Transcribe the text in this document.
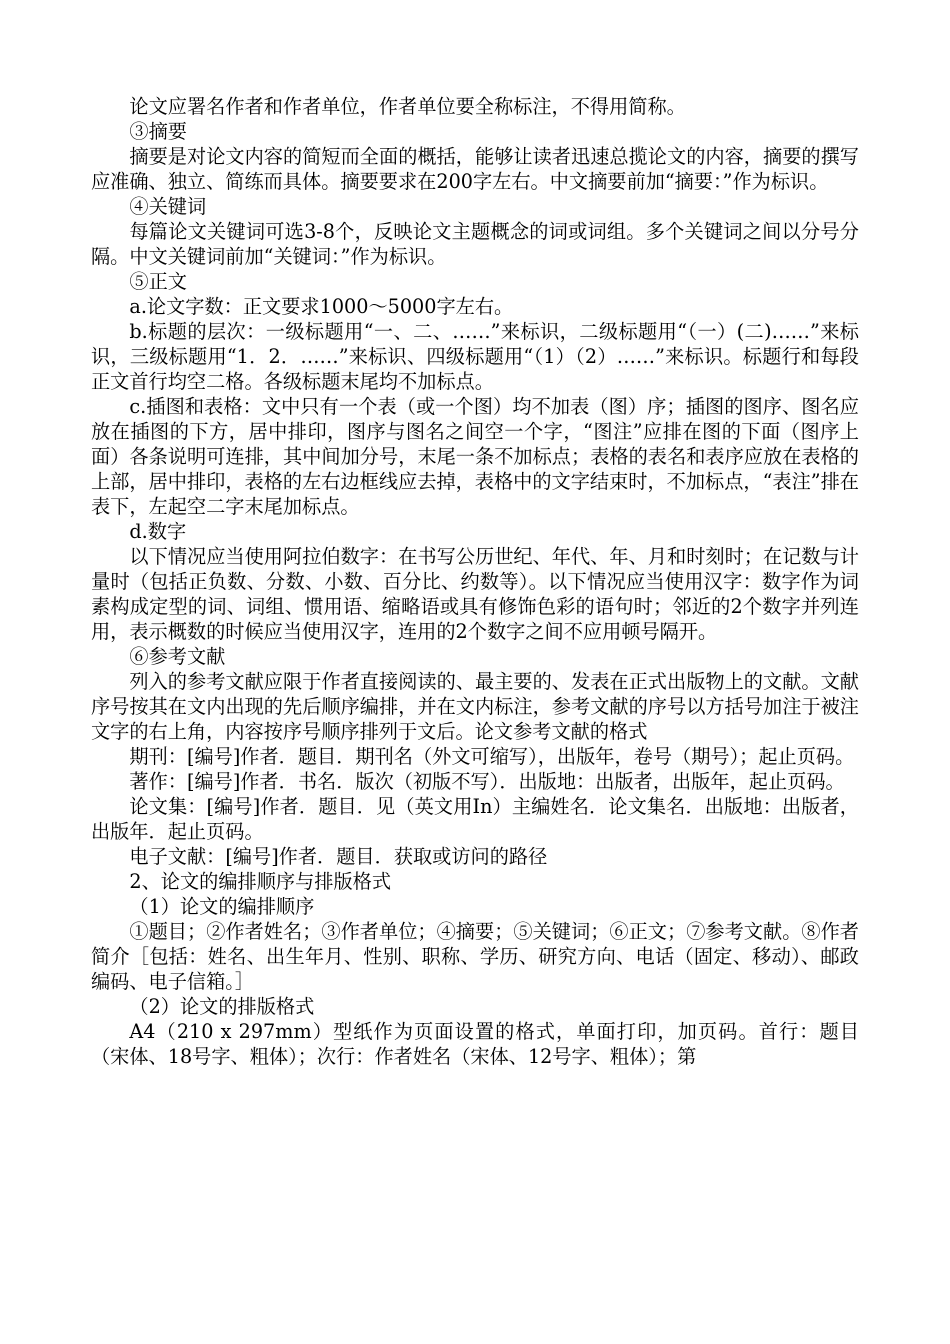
论文应署名作者和作者单位，作者单位要全称标注，不得用简称。

③摘要

摘要是对论文内容的简短而全面的概括，能够让读者迅速总揽论文的内容，摘要的撰写应准确、独立、简练而具体。摘要要求在200字左右。中文摘要前加“摘要：”作为标识。

④关键词

每篇论文关键词可选3-8个，反映论文主题概念的词或词组。多个关键词之间以分号分隔。中文关键词前加“关键词：”作为标识。

⑤正文

a.论文字数：正文要求1000～5000字左右。

b.标题的层次：一级标题用“一、二、……”来标识，二级标题用“（一）(二)……”来标识，三级标题用“1．2．……”来标识、四级标题用“（1）（2）……”来标识。标题行和每段正文首行均空二格。各级标题末尾均不加标点。

c.插图和表格：文中只有一个表（或一个图）均不加表（图）序；插图的图序、图名应放在插图的下方，居中排印，图序与图名之间空一个字，“图注”应排在图的下面（图序上面）各条说明可连排，其中间加分号，末尾一条不加标点；表格的表名和表序应放在表格的上部，居中排印，表格的左右边框线应去掉，表格中的文字结束时，不加标点，“表注”排在表下，左起空二字末尾加标点。

d.数字

以下情况应当使用阿拉伯数字：在书写公历世纪、年代、年、月和时刻时；在记数与计量时（包括正负数、分数、小数、百分比、约数等）。以下情况应当使用汉字：数字作为词素构成定型的词、词组、惯用语、缩略语或具有修饰色彩的语句时；邻近的2个数字并列连用，表示概数的时候应当使用汉字，连用的2个数字之间不应用顿号隔开。

⑥参考文献

列入的参考文献应限于作者直接阅读的、最主要的、发表在正式出版物上的文献。文献序号按其在文内出现的先后顺序编排，并在文内标注，参考文献的序号以方括号加注于被注文字的右上角，内容按序号顺序排列于文后。论文参考文献的格式

期刊：[编号]作者．题目．期刊名（外文可缩写），出版年，卷号（期号）；起止页码。

著作：[编号]作者．书名．版次（初版不写）．出版地：出版者，出版年，起止页码。

论文集：[编号]作者．题目．见（英文用In）主编姓名．论文集名．出版地：出版者，出版年．起止页码。

电子文献：[编号]作者．题目．获取或访问的路径

2、论文的编排顺序与排版格式

（1）论文的编排顺序

①题目；②作者姓名；③作者单位；④摘要；⑤关键词；⑥正文；⑦参考文献。⑧作者简介［包括：姓名、出生年月、性别、职称、学历、研究方向、电话（固定、移动）、邮政编码、电子信箱。］

（2）论文的排版格式

A4（210 x 297mm）型纸作为页面设置的格式，单面打印，加页码。首行：题目（宋体、18号字、粗体）；次行：作者姓名（宋体、12号字、粗体）；第
